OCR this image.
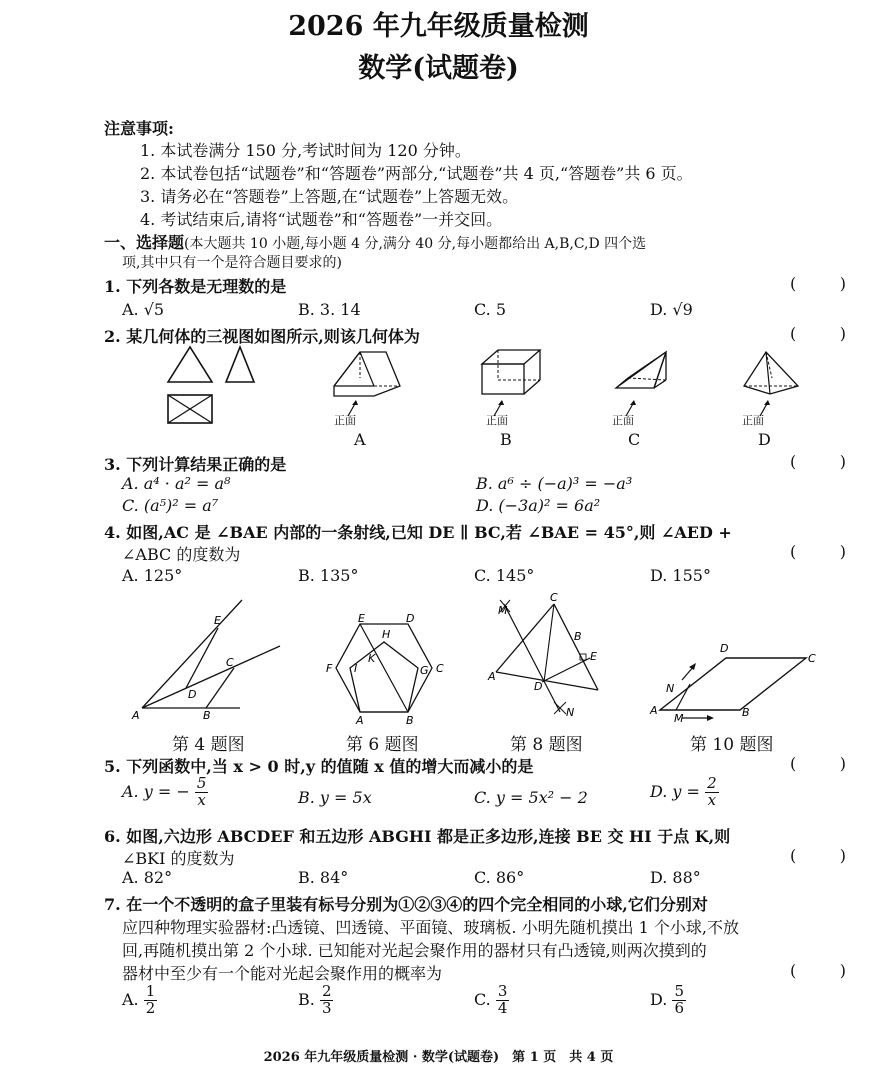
2026 年九年级质量检测
数学(试题卷)
注意事项:
1. 本试卷满分 150 分,考试时间为 120 分钟。
2. 本试卷包括“试题卷”和“答题卷”两部分,“试题卷”共 4 页,“答题卷”共 6 页。
3. 请务必在“答题卷”上答题,在“试题卷”上答题无效。
4. 考试结束后,请将“试题卷”和“答题卷”一并交回。
一、选择题(本大题共 10 小题,每小题 4 分,满分 40 分,每小题都给出 A,B,C,D 四个选
项,其中只有一个是符合题目要求的)
1. 下列各数是无理数的是	(	)
A. √5	B. 3. 14	C. 5	D. √9
2. 某几何体的三视图如图所示,则该几何体为	(	)
正面
A
正面
B
正面
C
正面
D
3. 下列计算结果正确的是	(	)
A. a⁴ · a² = a⁸	B. a⁶ ÷ (−a)³ = −a³
C. (a⁵)² = a⁷	D. (−3a)² = 6a²
4. 如图,AC 是 ∠BAE 内部的一条射线,已知 DE ∥ BC,若 ∠BAE = 45°,则 ∠AED +
∠ABC 的度数为	(	)
A. 125°	B. 135°	C. 145°	D. 155°
A	B
C
D
E
第 4 题图
A	B
C
D
E
F	G
H
I
K
第 6 题图
C
M
B
E
A
D
N
第 8 题图
A	B
C
D
M
N
第 10 题图
5. 下列函数中,当 x > 0 时,y 的值随 x 值的增大而减小的是	(	)
A. y = − $\frac{5}{x}$	B. y = 5x	C. y = 5x² − 2	D. $y = \frac{2}{x}$
6. 如图,六边形 ABCDEF 和五边形 ABGHI 都是正多边形,连接 BE 交 HI 于点 K,则
∠BKI 的度数为	(	)
A. 82°	B. 84°	C. 86°	D. 88°
7. 在一个不透明的盒子里装有标号分别为①②③④的四个完全相同的小球,它们分别对
应四种物理实验器材:凸透镜、凹透镜、平面镜、玻璃板. 小明先随机摸出 1 个小球,不放
回,再随机摸出第 2 个小球. 已知能对光起会聚作用的器材只有凸透镜,则两次摸到的
器材中至少有一个能对光起会聚作用的概率为	(	)
A. $\frac{1}{2}$	B. $\frac{2}{3}$	C. $\frac{3}{4}$	D. $\frac{5}{6}$
2026 年九年级质量检测 · 数学(试题卷)　第 1 页　共 4 页
